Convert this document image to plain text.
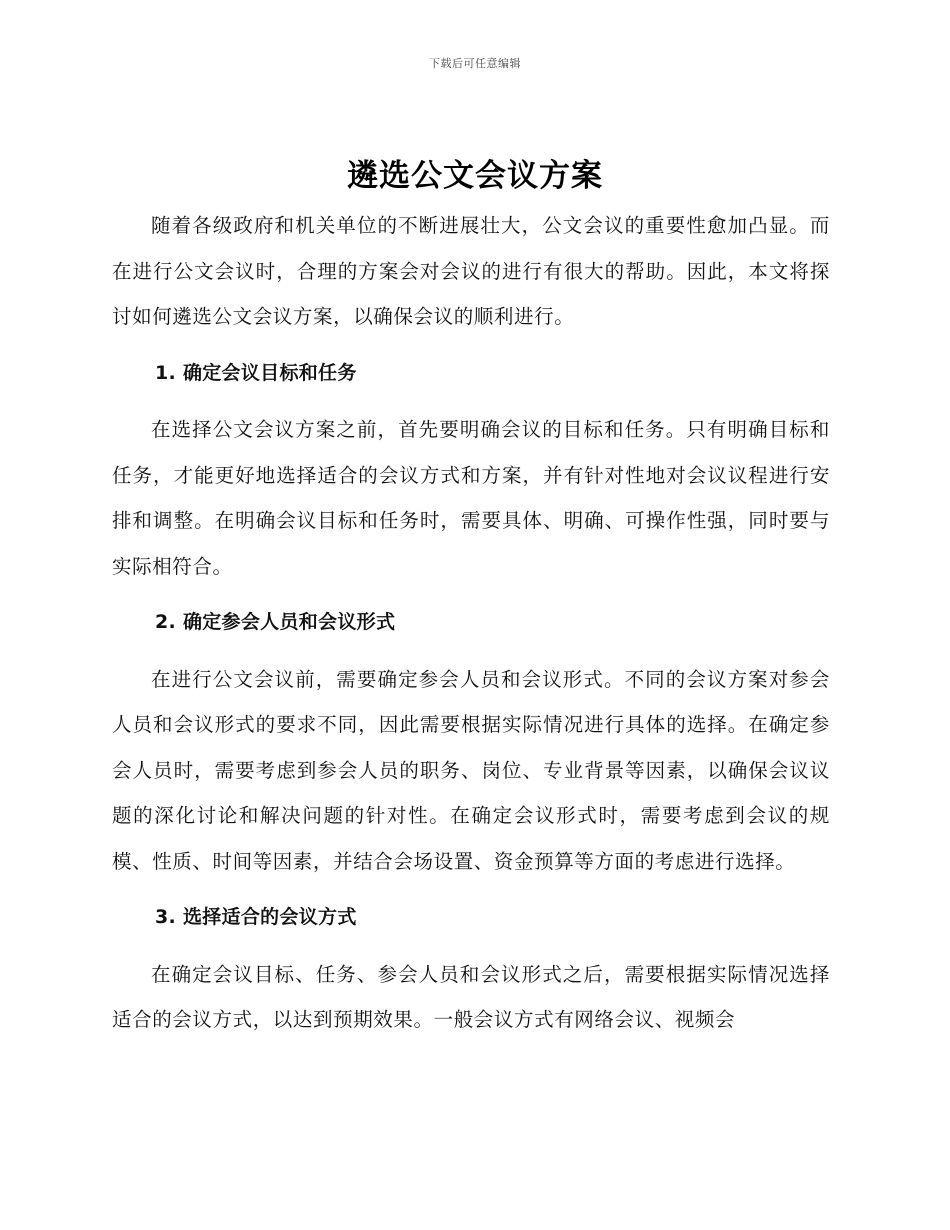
下载后可任意编辑
遴选公文会议方案

随着各级政府和机关单位的不断进展壮大，公文会议的重要性愈加凸显。而在进行公文会议时，合理的方案会对会议的进行有很大的帮助。因此，本文将探讨如何遴选公文会议方案，以确保会议的顺利进行。

1. 确定会议目标和任务

在选择公文会议方案之前，首先要明确会议的目标和任务。只有明确目标和任务，才能更好地选择适合的会议方式和方案，并有针对性地对会议议程进行安排和调整。在明确会议目标和任务时，需要具体、明确、可操作性强，同时要与实际相符合。

2. 确定参会人员和会议形式

在进行公文会议前，需要确定参会人员和会议形式。不同的会议方案对参会人员和会议形式的要求不同，因此需要根据实际情况进行具体的选择。在确定参会人员时，需要考虑到参会人员的职务、岗位、专业背景等因素，以确保会议议题的深化讨论和解决问题的针对性。在确定会议形式时，需要考虑到会议的规模、性质、时间等因素，并结合会场设置、资金预算等方面的考虑进行选择。

3. 选择适合的会议方式

在确定会议目标、任务、参会人员和会议形式之后，需要根据实际情况选择适合的会议方式，以达到预期效果。一般会议方式有网络会议、视频会
